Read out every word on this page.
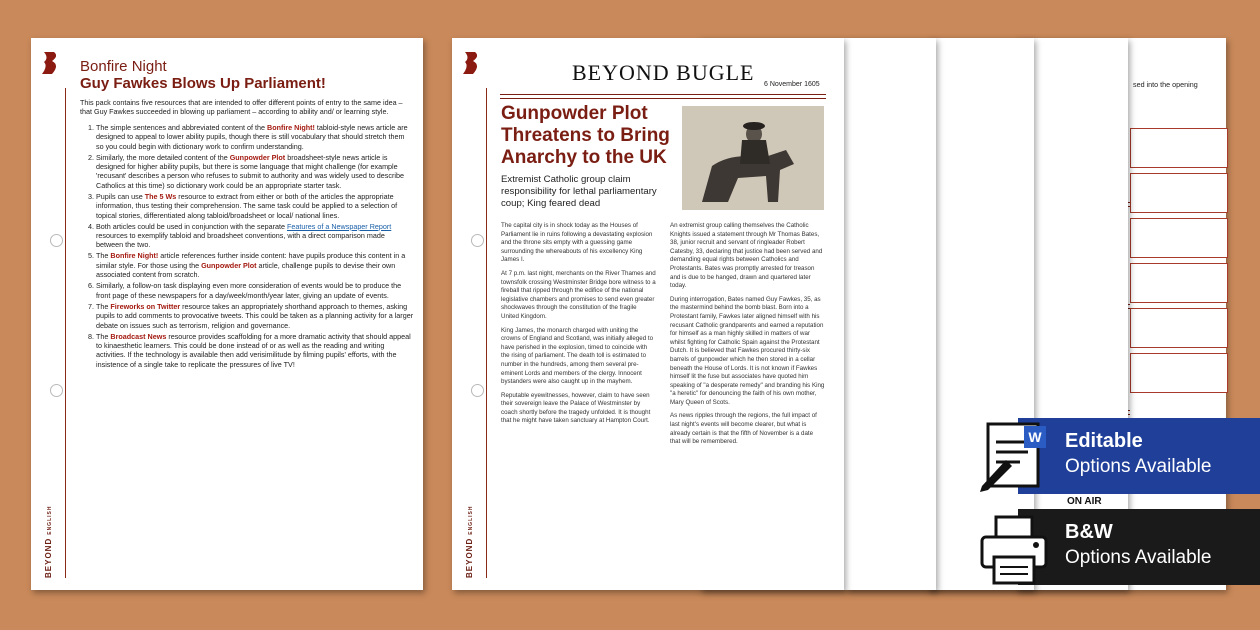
sed into the opening
BEYONDENGLISH
Bonfire Night
Guy Fawkes Blows Up Parliament!
This pack contains five resources that are intended to offer different points of entry to the same idea – that Guy Fawkes succeeded in blowing up parliament – according to ability and/ or learning style.
1. The simple sentences and abbreviated content of the Bonfire Night! tabloid-style news article are designed to appeal to lower ability pupils, though there is still vocabulary that should stretch them so you could begin with dictionary work to confirm understanding.
2. Similarly, the more detailed content of the Gunpowder Plot broadsheet-style news article is designed for higher ability pupils, but there is some language that might challenge (for example 'recusant' describes a person who refuses to submit to authority and was widely used to describe Catholics at this time) so dictionary work could be an appropriate starter task.
3. Pupils can use The 5 Ws resource to extract from either or both of the articles the appropriate information, thus testing their comprehension. The same task could be applied to a selection of topical stories, differentiated along tabloid/broadsheet or local/ national lines.
4. Both articles could be used in conjunction with the separate Features of a Newspaper Report resources to exemplify tabloid and broadsheet conventions, with a direct comparison made between the two.
5. The Bonfire Night! article references further inside content: have pupils produce this content in a similar style. For those using the Gunpowder Plot article, challenge pupils to devise their own associated content from scratch.
6. Similarly, a follow-on task displaying even more consideration of events would be to produce the front page of these newspapers for a day/week/month/year later, giving an update of events.
7. The Fireworks on Twitter resource takes an appropriately shorthand approach to themes, asking pupils to add comments to provocative tweets. This could be taken as a planning activity for a larger debate on issues such as terrorism, religion and governance.
8. The Broadcast News resource provides scaffolding for a more dramatic activity that should appeal to kinaesthetic learners. This could be done instead of or as well as the reading and writing activities. If the technology is available then add verisimilitude by filming pupils' efforts, with the insistence of a single take to replicate the pressures of live TV!
BEYONDENGLISH
BEYOND BUGLE 6 November 1605
Gunpowder Plot Threatens to Bring Anarchy to the UK
Extremist Catholic group claim responsibility for lethal parliamentary coup; King feared dead

The capital city is in shock today as the Houses of Parliament lie in ruins following a devastating explosion and the throne sits empty with a guessing game surrounding the whereabouts of his excellency King James I.

At 7 p.m. last night, merchants on the River Thames and townsfolk crossing Westminster Bridge bore witness to a fireball that ripped through the edifice of the national legislative chambers and promises to send even greater shockwaves through the constitution of the fragile United Kingdom.

King James, the monarch charged with uniting the crowns of England and Scotland, was initially alleged to have perished in the explosion, timed to coincide with the rising of parliament. The death toll is estimated to number in the hundreds, among them several pre-eminent Lords and members of the clergy. Innocent bystanders were also caught up in the mayhem.

Reputable eyewitnesses, however, claim to have seen their sovereign leave the Palace of Westminster by coach shortly before the tragedy unfolded. It is thought that he might have taken sanctuary at Hampton Court.

An extremist group calling themselves the Catholic Knights issued a statement through Mr Thomas Bates, 38, junior recruit and servant of ringleader Robert Catesby, 33, declaring that justice had been served and demanding equal rights between Catholics and Protestants. Bates was promptly arrested for treason and is due to be hanged, drawn and quartered later today.

During interrogation, Bates named Guy Fawkes, 35, as the mastermind behind the bomb blast. Born into a Protestant family, Fawkes later aligned himself with his recusant Catholic grandparents and earned a reputation for himself as a man highly skilled in matters of war whilst fighting for Catholic Spain against the Protestant Dutch. It is believed that Fawkes procured thirty-six barrels of gunpowder which he then stored in a cellar beneath the House of Lords. It is not known if Fawkes himself lit the fuse but associates have quoted him speaking of "a desperate remedy" and branding his King "a heretic" for denouncing the faith of his own mother, Mary Queen of Scots.

As news ripples through the regions, the full impact of last night's events will become clearer, but what is already certain is that the fifth of November is a date that will be remembered.	W Editable
Options Available
ON AIR
B&W
Options Available
